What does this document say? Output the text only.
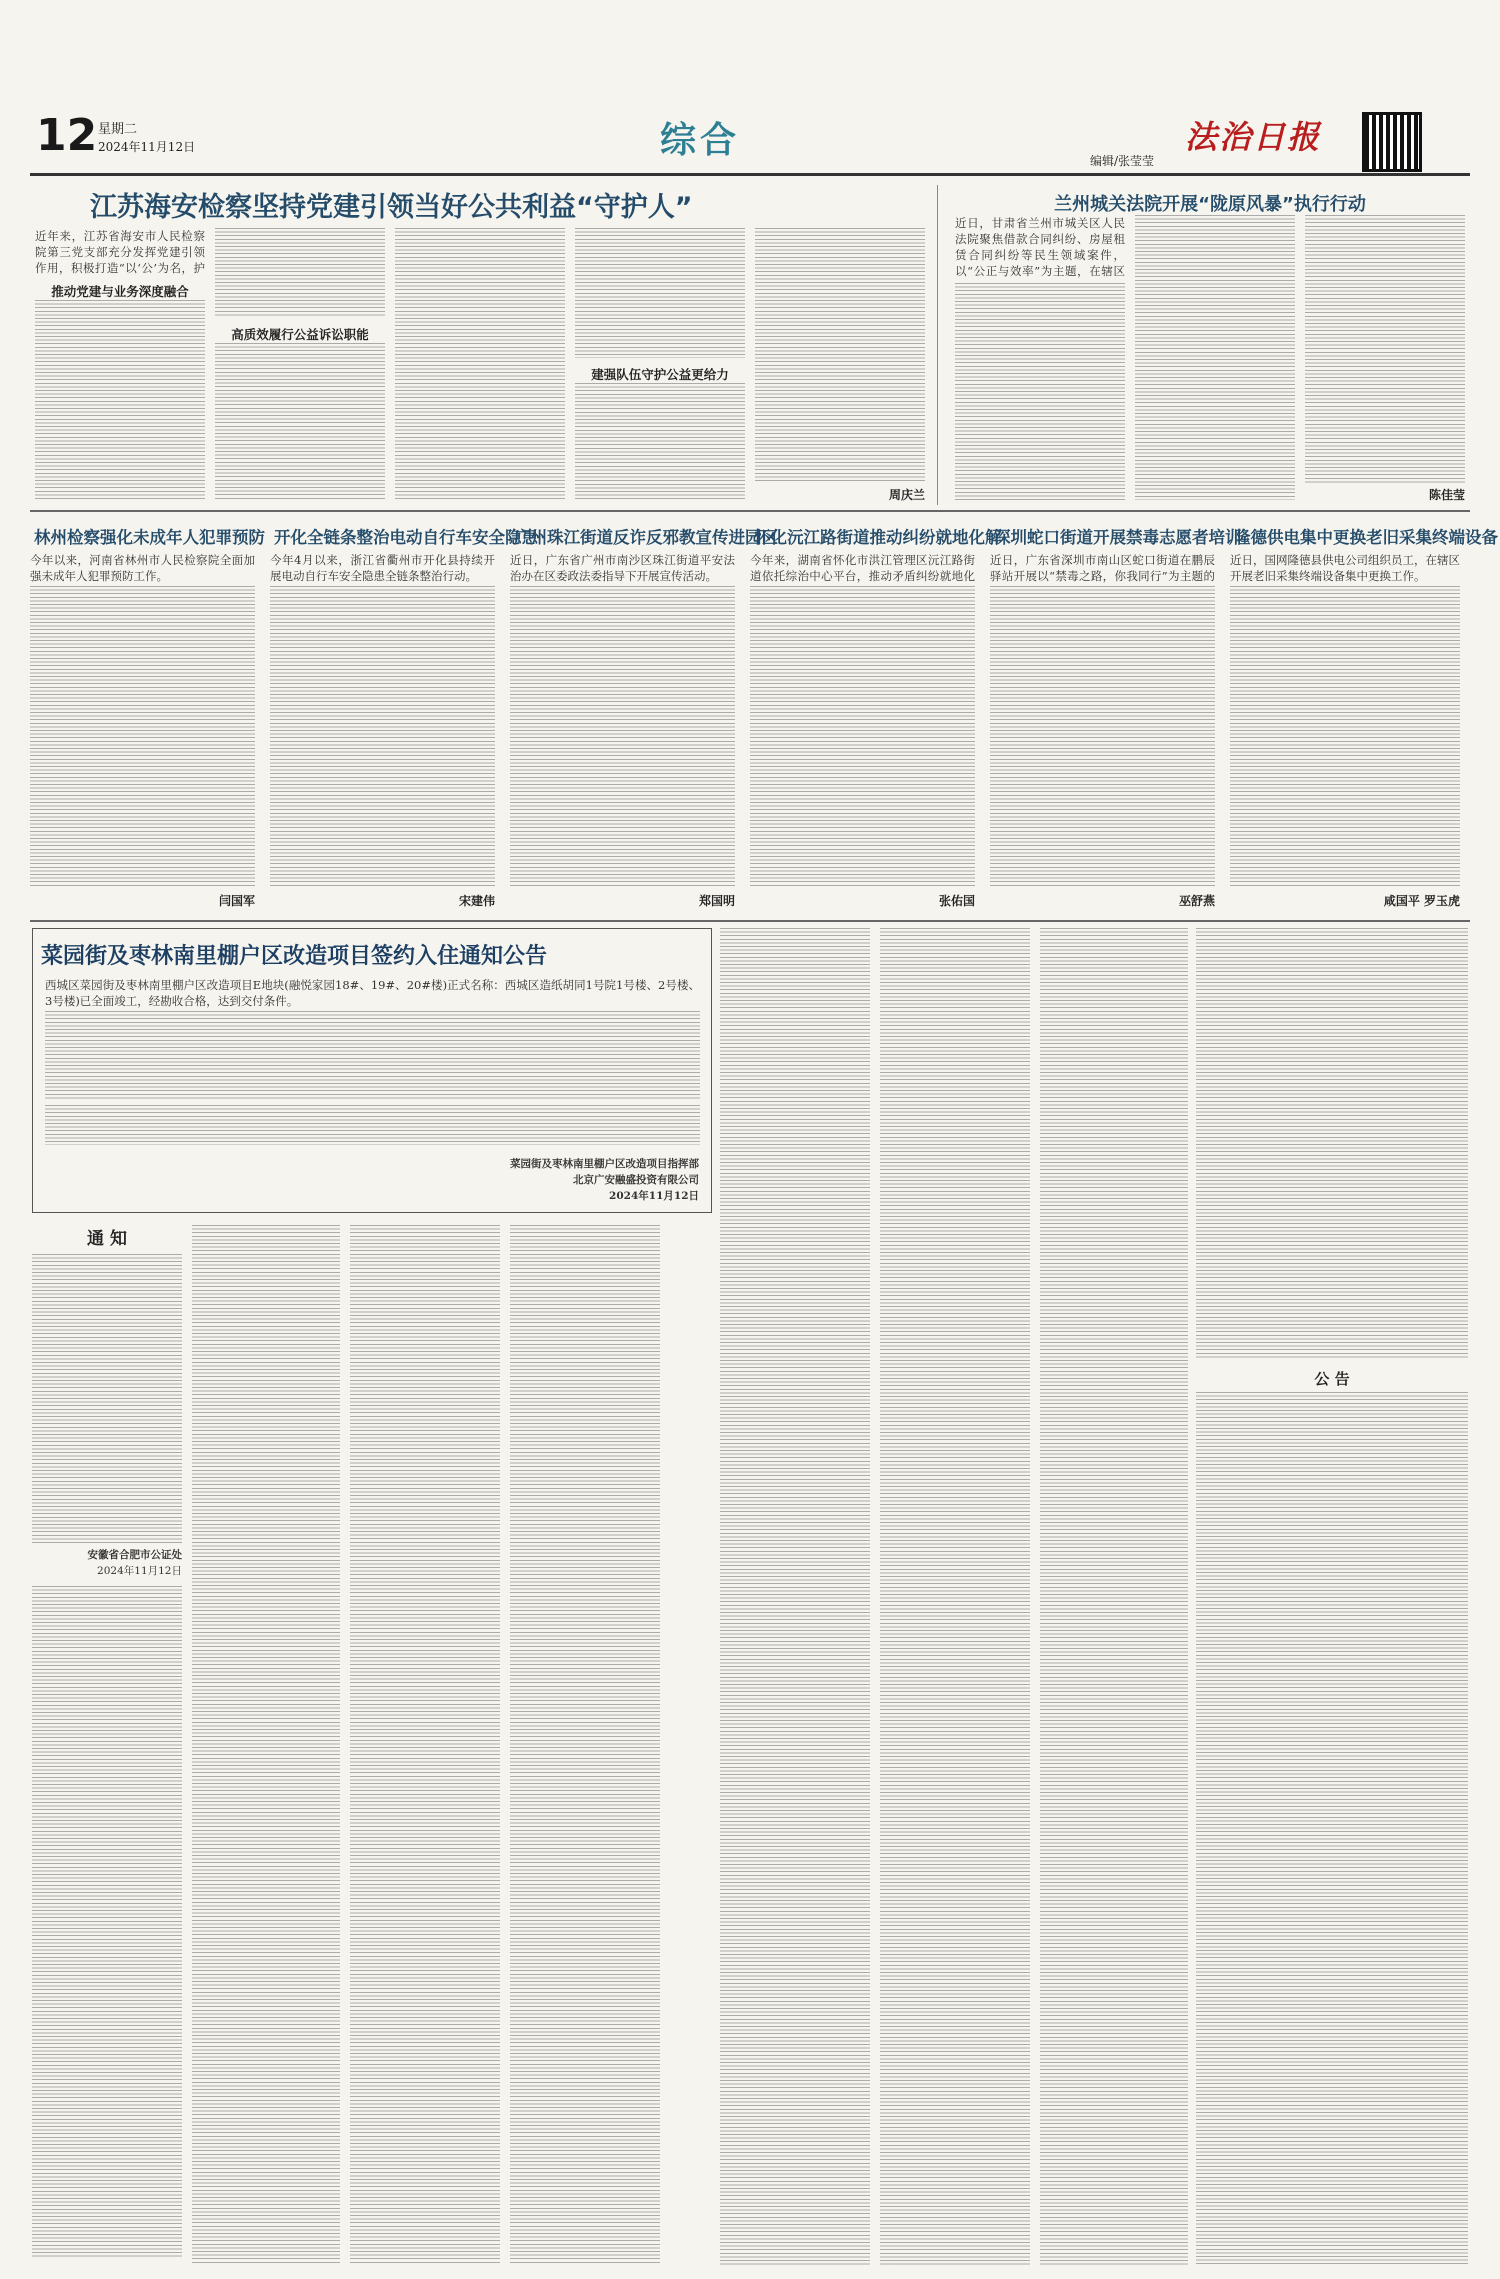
12 星期二
2024年11月12日	综合	编辑/张莹莹
法治日报
江苏海安检察坚持党建引领当好公共利益“守护人”
近年来，江苏省海安市人民检察院第三党支部充分发挥党建引领作用，积极打造“以‘公’为名，护
推动党建与业务深度融合
高质效履行公益诉讼职能
建强队伍守护公益更给力
周庆兰
兰州城关法院开展“陇原风暴”执行行动
近日，甘肃省兰州市城关区人民法院聚焦借款合同纠纷、房屋租赁合同纠纷等民生领域案件，以“公正与效率”为主题，在辖区
陈佳莹
林州检察强化未成年人犯罪预防
今年以来，河南省林州市人民检察院全面加强未成年人犯罪预防工作。
闫国军
开化全链条整治电动自行车安全隐患
今年4月以来，浙江省衢州市开化县持续开展电动自行车安全隐患全链条整治行动。
宋建伟
广州珠江街道反诈反邪教宣传进园区
近日，广东省广州市南沙区珠江街道平安法治办在区委政法委指导下开展宣传活动。
郑国明
怀化沅江路街道推动纠纷就地化解
今年来，湖南省怀化市洪江管理区沅江路街道依托综治中心平台，推动矛盾纠纷就地化
张佑国
深圳蛇口街道开展禁毒志愿者培训
近日，广东省深圳市南山区蛇口街道在鹏辰驿站开展以“禁毒之路，你我同行”为主题的
巫舒燕
隆德供电集中更换老旧采集终端设备
近日，国网隆德县供电公司组织员工，在辖区开展老旧采集终端设备集中更换工作。
咸国平 罗玉虎
菜园街及枣林南里棚户区改造项目签约入住通知公告
西城区菜园街及枣林南里棚户区改造项目E地块(融悦家园18#、19#、20#楼)正式名称：西城区造纸胡同1号院1号楼、2号楼、3号楼)已全面竣工，经勘收合格，达到交付条件。
菜园街及枣林南里棚户区改造项目指挥部
北京广安融盛投资有限公司
2024年11月12日
通 知
安徽省合肥市公证处
2024年11月12日
公 告
